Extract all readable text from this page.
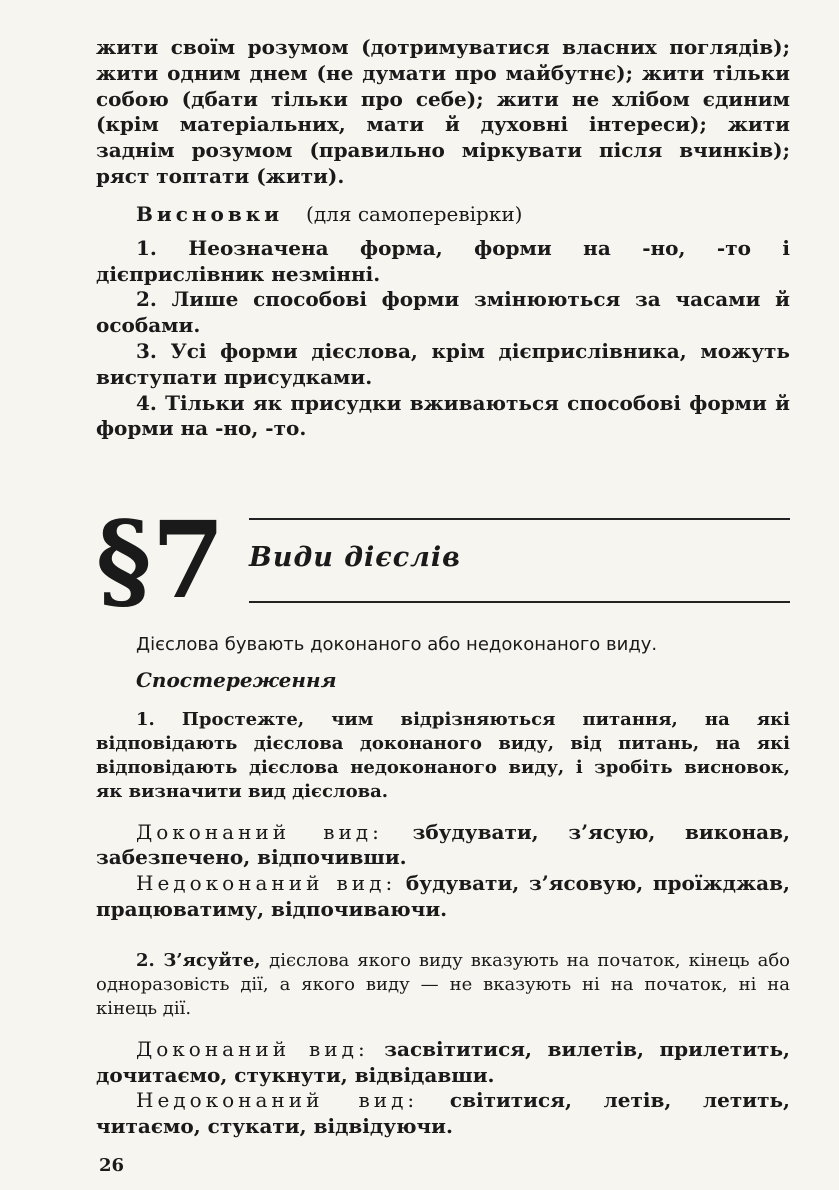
жити своїм розумом (дотримуватися власних поглядів); жити одним днем (не думати про майбутнє); жити тільки собою (дбати тільки про себе); жити не хлібом єдиним (крім матеріальних, мати й духовні інтереси); жити заднім розумом (правильно міркувати після вчинків); ряст топтати (жити).

Висновки (для самоперевірки)

1. Неозначена форма, форми на -но, -то і дієприслівник незмінні.

2. Лише способові форми змінюються за часами й особами.

3. Усі форми дієслова, крім дієприслівника, можуть виступати присудками.

4. Тільки як присудки вживаються способові форми й форми на -но, -то.

§7 Види дієслів

Дієслова бувають доконаного або недоконаного виду.

Спостереження

1. Простежте, чим відрізняються питання, на які відповідають дієслова доконаного виду, від питань, на які відповідають дієслова недоконаного виду, і зробіть висновок, як визначити вид дієслова.

Доконаний вид: збудувати, з’ясую, виконав, забезпечено, відпочивши.

Недоконаний вид: будувати, з’ясовую, проїжджав, працюватиму, відпочиваючи.

2. З’ясуйте, дієслова якого виду вказують на початок, кінець або одноразовість дії, а якого виду — не вказують ні на початок, ні на кінець дії.

Доконаний вид: засвітитися, вилетів, прилетить, дочитаємо, стукнути, відвідавши.

Недоконаний вид: світитися, летів, летить, читаємо, стукати, відвідуючи.

26
